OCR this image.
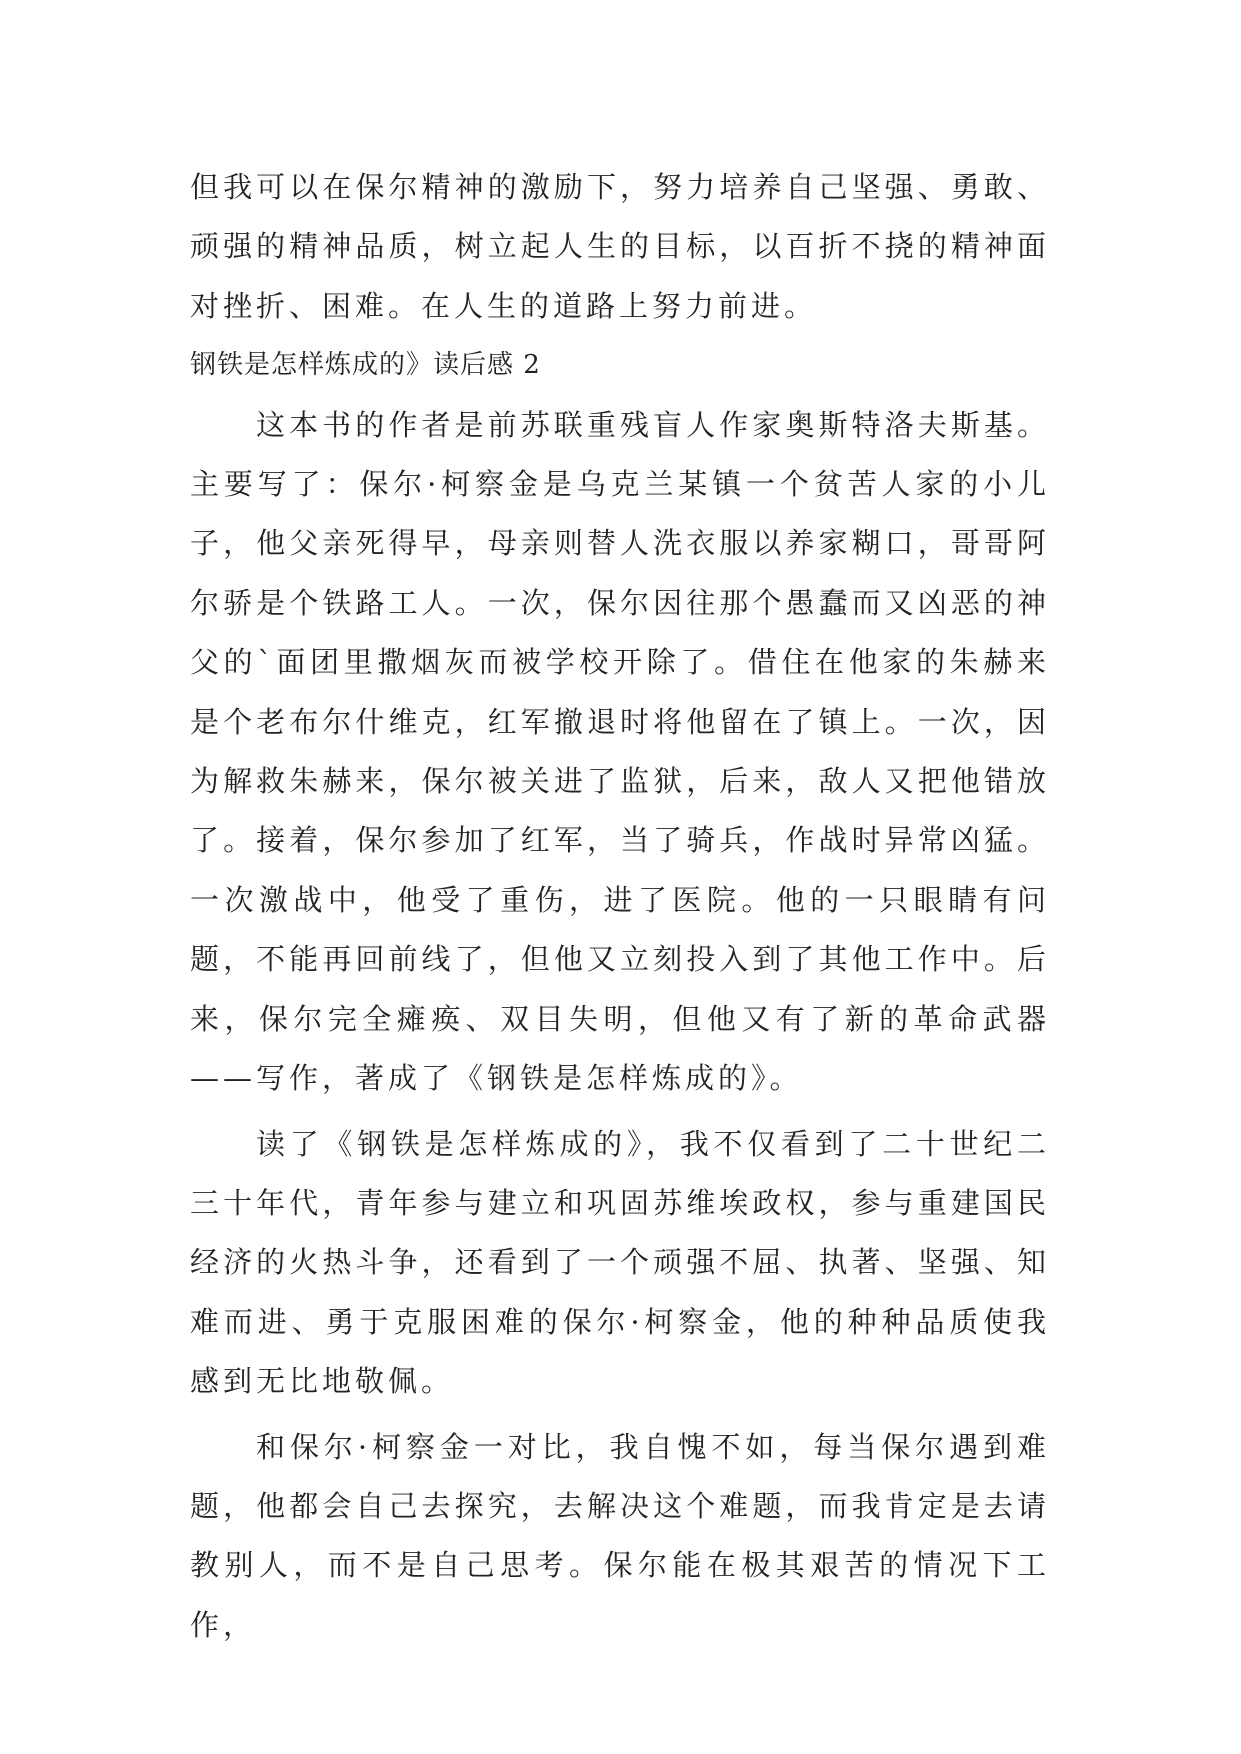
但我可以在保尔精神的激励下，努力培养自己坚强、勇敢、顽强的精神品质，树立起人生的目标，以百折不挠的精神面对挫折、困难。在人生的道路上努力前进。

钢铁是怎样炼成的》读后感 2

这本书的作者是前苏联重残盲人作家奥斯特洛夫斯基。主要写了：保尔·柯察金是乌克兰某镇一个贫苦人家的小儿子，他父亲死得早，母亲则替人洗衣服以养家糊口，哥哥阿尔骄是个铁路工人。一次，保尔因往那个愚蠢而又凶恶的神父的`面团里撒烟灰而被学校开除了。借住在他家的朱赫来是个老布尔什维克，红军撤退时将他留在了镇上。一次，因为解救朱赫来，保尔被关进了监狱，后来，敌人又把他错放了。接着，保尔参加了红军，当了骑兵，作战时异常凶猛。一次激战中，他受了重伤，进了医院。他的一只眼睛有问题，不能再回前线了，但他又立刻投入到了其他工作中。后来，保尔完全瘫痪、双目失明，但他又有了新的革命武器——写作，著成了《钢铁是怎样炼成的》。

读了《钢铁是怎样炼成的》，我不仅看到了二十世纪二三十年代，青年参与建立和巩固苏维埃政权，参与重建国民经济的火热斗争，还看到了一个顽强不屈、执著、坚强、知难而进、勇于克服困难的保尔·柯察金，他的种种品质使我感到无比地敬佩。

和保尔·柯察金一对比，我自愧不如，每当保尔遇到难题，他都会自己去探究，去解决这个难题，而我肯定是去请教别人，而不是自己思考。保尔能在极其艰苦的情况下工作，
